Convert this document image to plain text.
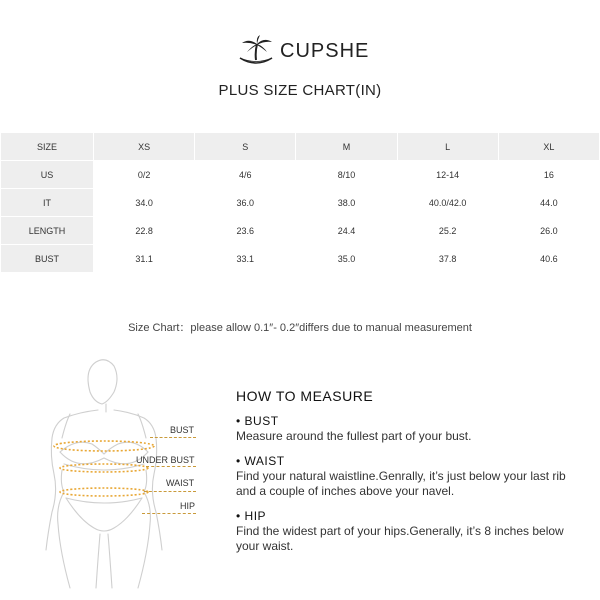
CUPSHE
PLUS SIZE CHART(IN)
SIZE	XS	S	M	L	XL
US	0/2	4/6	8/10	12-14	16
IT	34.0	36.0	38.0	40.0/42.0	44.0
LENGTH	22.8	23.6	24.4	25.2	26.0
BUST	31.1	33.1	35.0	37.8	40.6
Size Chart：please allow 0.1″- 0.2″differs due to manual measurement
BUST
UNDER BUST
WAIST
HIP
HOW TO MEASURE
• BUST
Measure around the fullest part of your bust.
• WAIST
Find your natural waistline.Genrally, it’s just below your last rib and a couple of inches above your navel.
• HIP
Find the widest part of your hips.Generally, it’s 8 inches below your waist.
